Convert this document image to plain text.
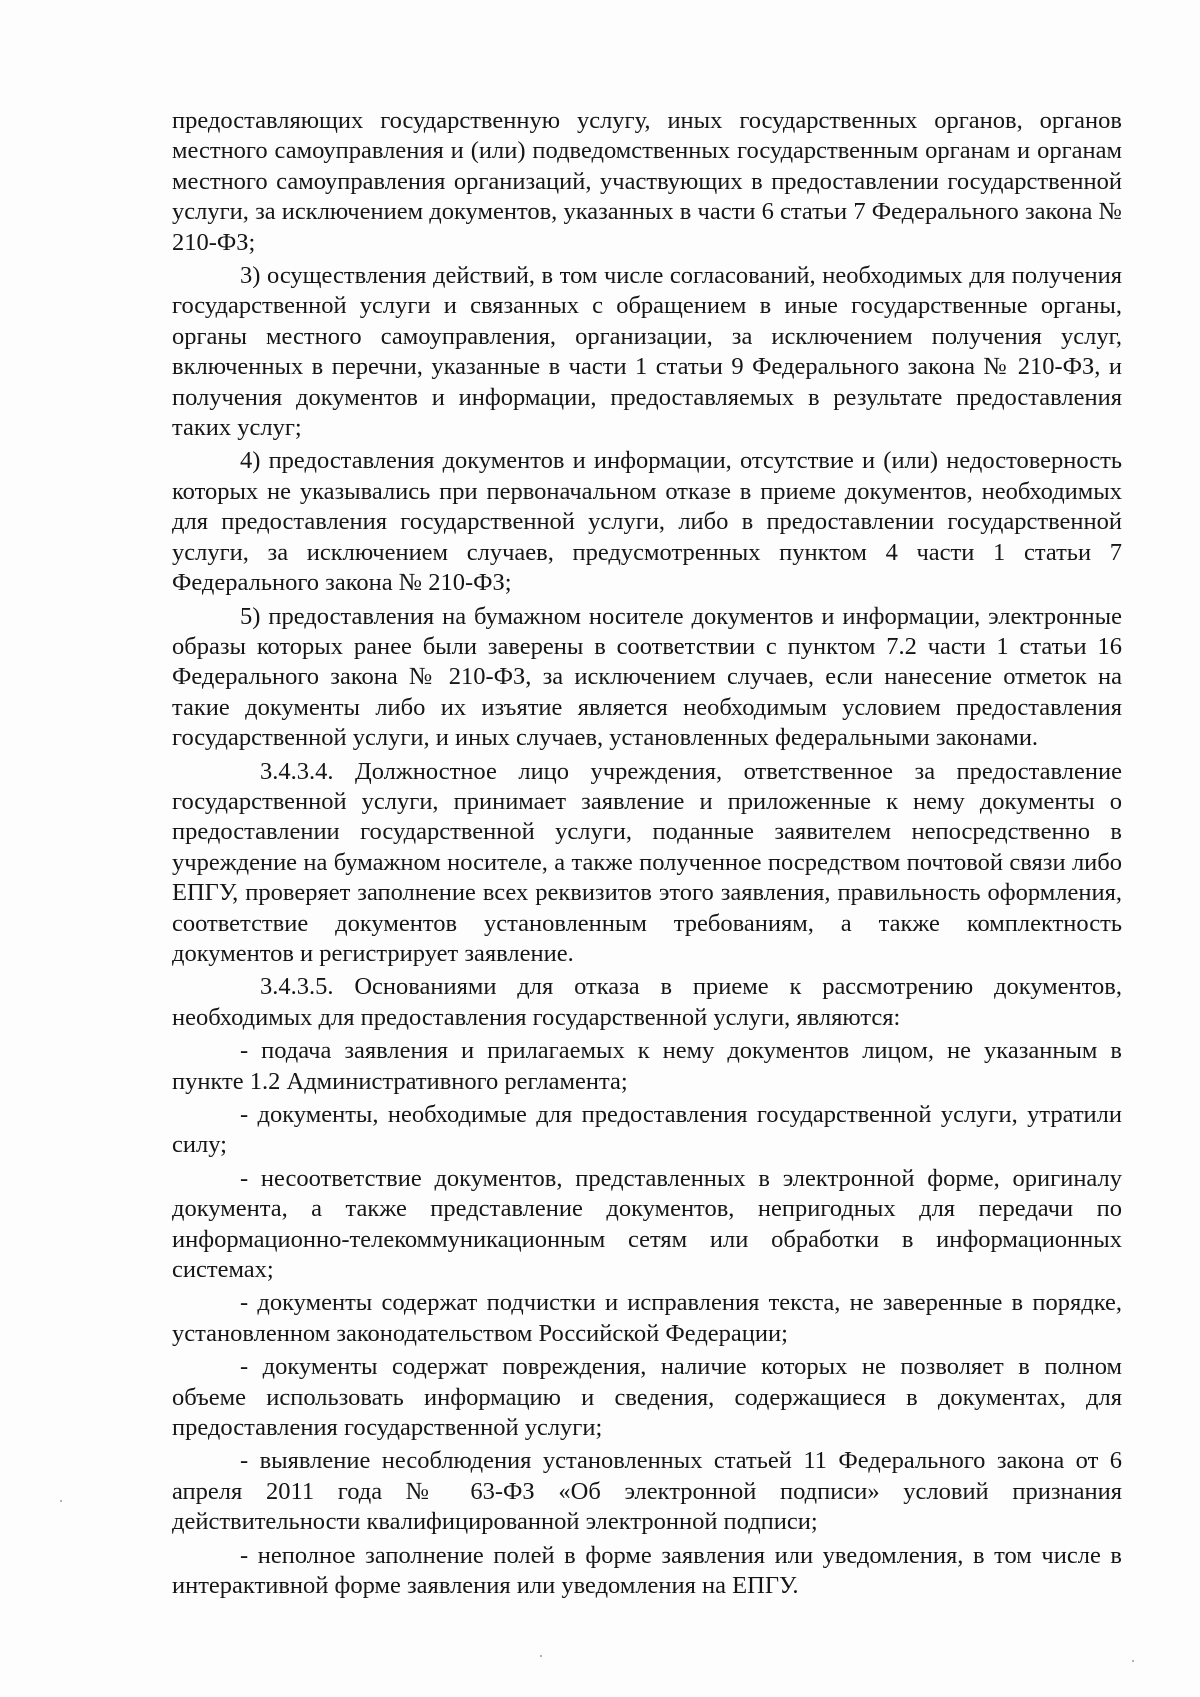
предоставляющих государственную услугу, иных государственных органов, органов местного самоуправления и (или) подведомственных государственным органам и органам местного самоуправления организаций, участвующих в предоставлении государственной услуги, за исключением документов, указанных в части 6 статьи 7 Федерального закона № 210-ФЗ;

3) осуществления действий, в том числе согласований, необходимых для получения государственной услуги и связанных с обращением в иные государственные органы, органы местного самоуправления, организации, за исключением получения услуг, включенных в перечни, указанные в части 1 статьи 9 Федерального закона № 210-ФЗ, и получения документов и информации, предоставляемых в результате предоставления таких услуг;

4) предоставления документов и информации, отсутствие и (или) недостоверность которых не указывались при первоначальном отказе в приеме документов, необходимых для предоставления государственной услуги, либо в предоставлении государственной услуги, за исключением случаев, предусмотренных пунктом 4 части 1 статьи 7 Федерального закона № 210-ФЗ;

5) предоставления на бумажном носителе документов и информации, электронные образы которых ранее были заверены в соответствии с пунктом 7.2 части 1 статьи 16 Федерального закона № 210-ФЗ, за исключением случаев, если нанесение отметок на такие документы либо их изъятие является необходимым условием предоставления государственной услуги, и иных случаев, установленных федеральными законами.

3.4.3.4. Должностное лицо учреждения, ответственное за предоставление государственной услуги, принимает заявление и приложенные к нему документы о предоставлении государственной услуги, поданные заявителем непосредственно в учреждение на бумажном носителе, а также полученное посредством почтовой связи либо ЕПГУ, проверяет заполнение всех реквизитов этого заявления, правильность оформления, соответствие документов установленным требованиям, а также комплектность документов и регистрирует заявление.

3.4.3.5. Основаниями для отказа в приеме к рассмотрению документов, необходимых для предоставления государственной услуги, являются:

- подача заявления и прилагаемых к нему документов лицом, не указанным в пункте 1.2 Административного регламента;

- документы, необходимые для предоставления государственной услуги, утратили силу;

- несоответствие документов, представленных в электронной форме, оригиналу документа, а также представление документов, непригодных для передачи по информационно-телекоммуникационным сетям или обработки в информационных системах;

- документы содержат подчистки и исправления текста, не заверенные в порядке, установленном законодательством Российской Федерации;

- документы содержат повреждения, наличие которых не позволяет в полном объеме использовать информацию и сведения, содержащиеся в документах, для предоставления государственной услуги;

- выявление несоблюдения установленных статьей 11 Федерального закона от 6 апреля 2011 года № 63-ФЗ «Об электронной подписи» условий признания действительности квалифицированной электронной подписи;

- неполное заполнение полей в форме заявления или уведомления, в том числе в интерактивной форме заявления или уведомления на ЕПГУ.
